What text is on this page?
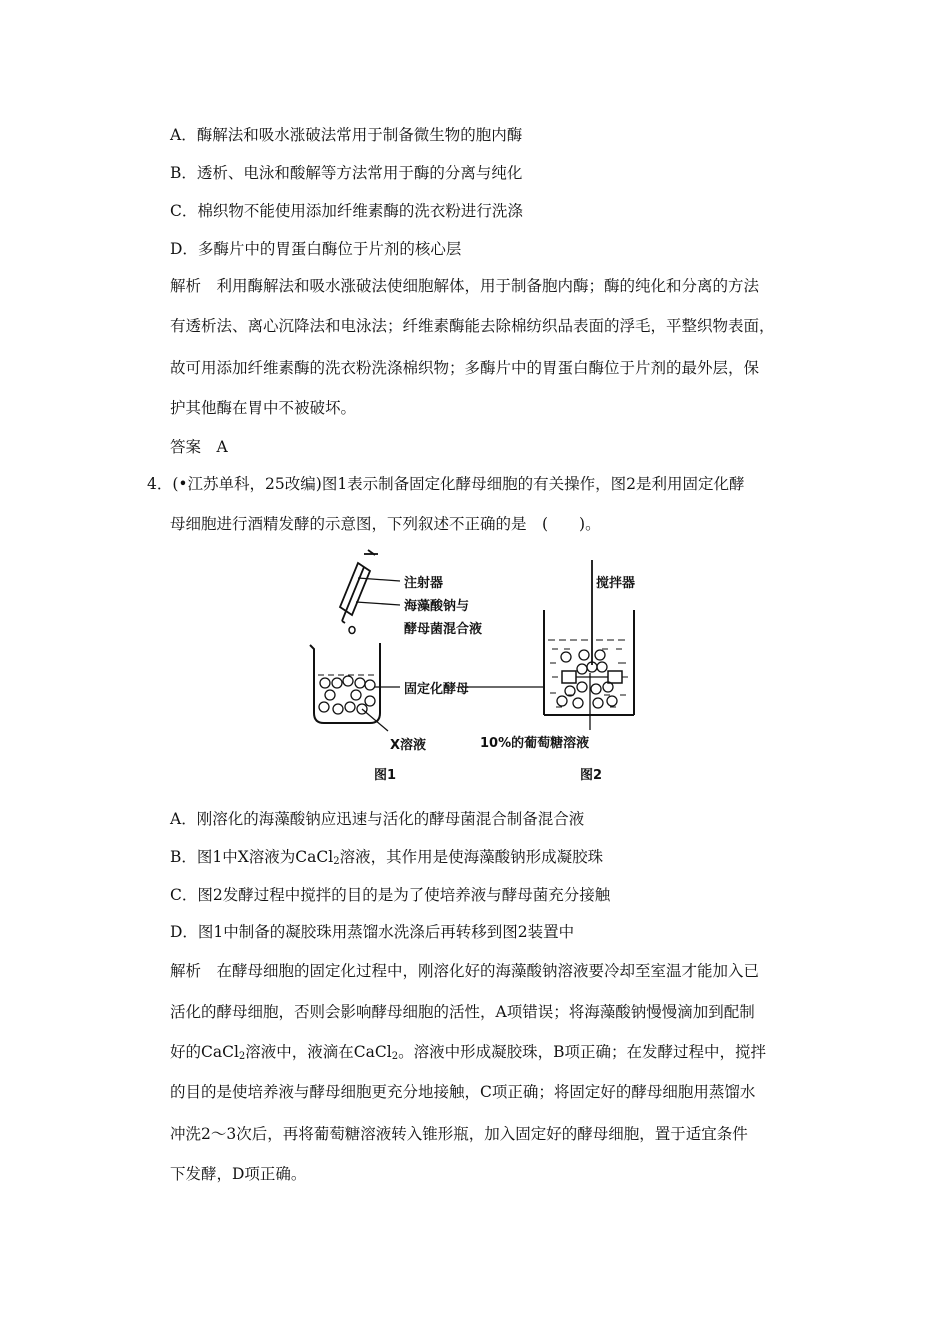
A．酶解法和吸水涨破法常用于制备微生物的胞内酶
B．透析、电泳和酸解等方法常用于酶的分离与纯化
C．棉织物不能使用添加纤维素酶的洗衣粉进行洗涤
D．多酶片中的胃蛋白酶位于片剂的核心层
解析　利用酶解法和吸水涨破法使细胞解体，用于制备胞内酶；酶的纯化和分离的方法
有透析法、离心沉降法和电泳法；纤维素酶能去除棉纺织品表面的浮毛，平整织物表面，
故可用添加纤维素酶的洗衣粉洗涤棉织物；多酶片中的胃蛋白酶位于片剂的最外层，保
护其他酶在胃中不被破坏。
答案　A
4．(•江苏单科，25改编)图1表示制备固定化酵母细胞的有关操作，图2是利用固定化酵
母细胞进行酒精发酵的示意图，下列叙述不正确的是　(　　)。
注射器
海藻酸钠与
酵母菌混合液
固定化酵母
X溶液
图1
搅拌器
10%的葡萄糖溶液
图2
A．刚溶化的海藻酸钠应迅速与活化的酵母菌混合制备混合液
B．图1中X溶液为CaCl$_2$溶液，其作用是使海藻酸钠形成凝胶珠
C．图2发酵过程中搅拌的目的是为了使培养液与酵母菌充分接触
D．图1中制备的凝胶珠用蒸馏水洗涤后再转移到图2装置中
解析　在酵母细胞的固定化过程中，刚溶化好的海藻酸钠溶液要冷却至室温才能加入已
活化的酵母细胞，否则会影响酵母细胞的活性，A项错误；将海藻酸钠慢慢滴加到配制
好的CaCl$_2$溶液中，液滴在CaCl$_2$。溶液中形成凝胶珠，B项正确；在发酵过程中，搅拌
的目的是使培养液与酵母细胞更充分地接触，C项正确；将固定好的酵母细胞用蒸馏水
冲洗2～3次后，再将葡萄糖溶液转入锥形瓶，加入固定好的酵母细胞，置于适宜条件
下发酵，D项正确。
